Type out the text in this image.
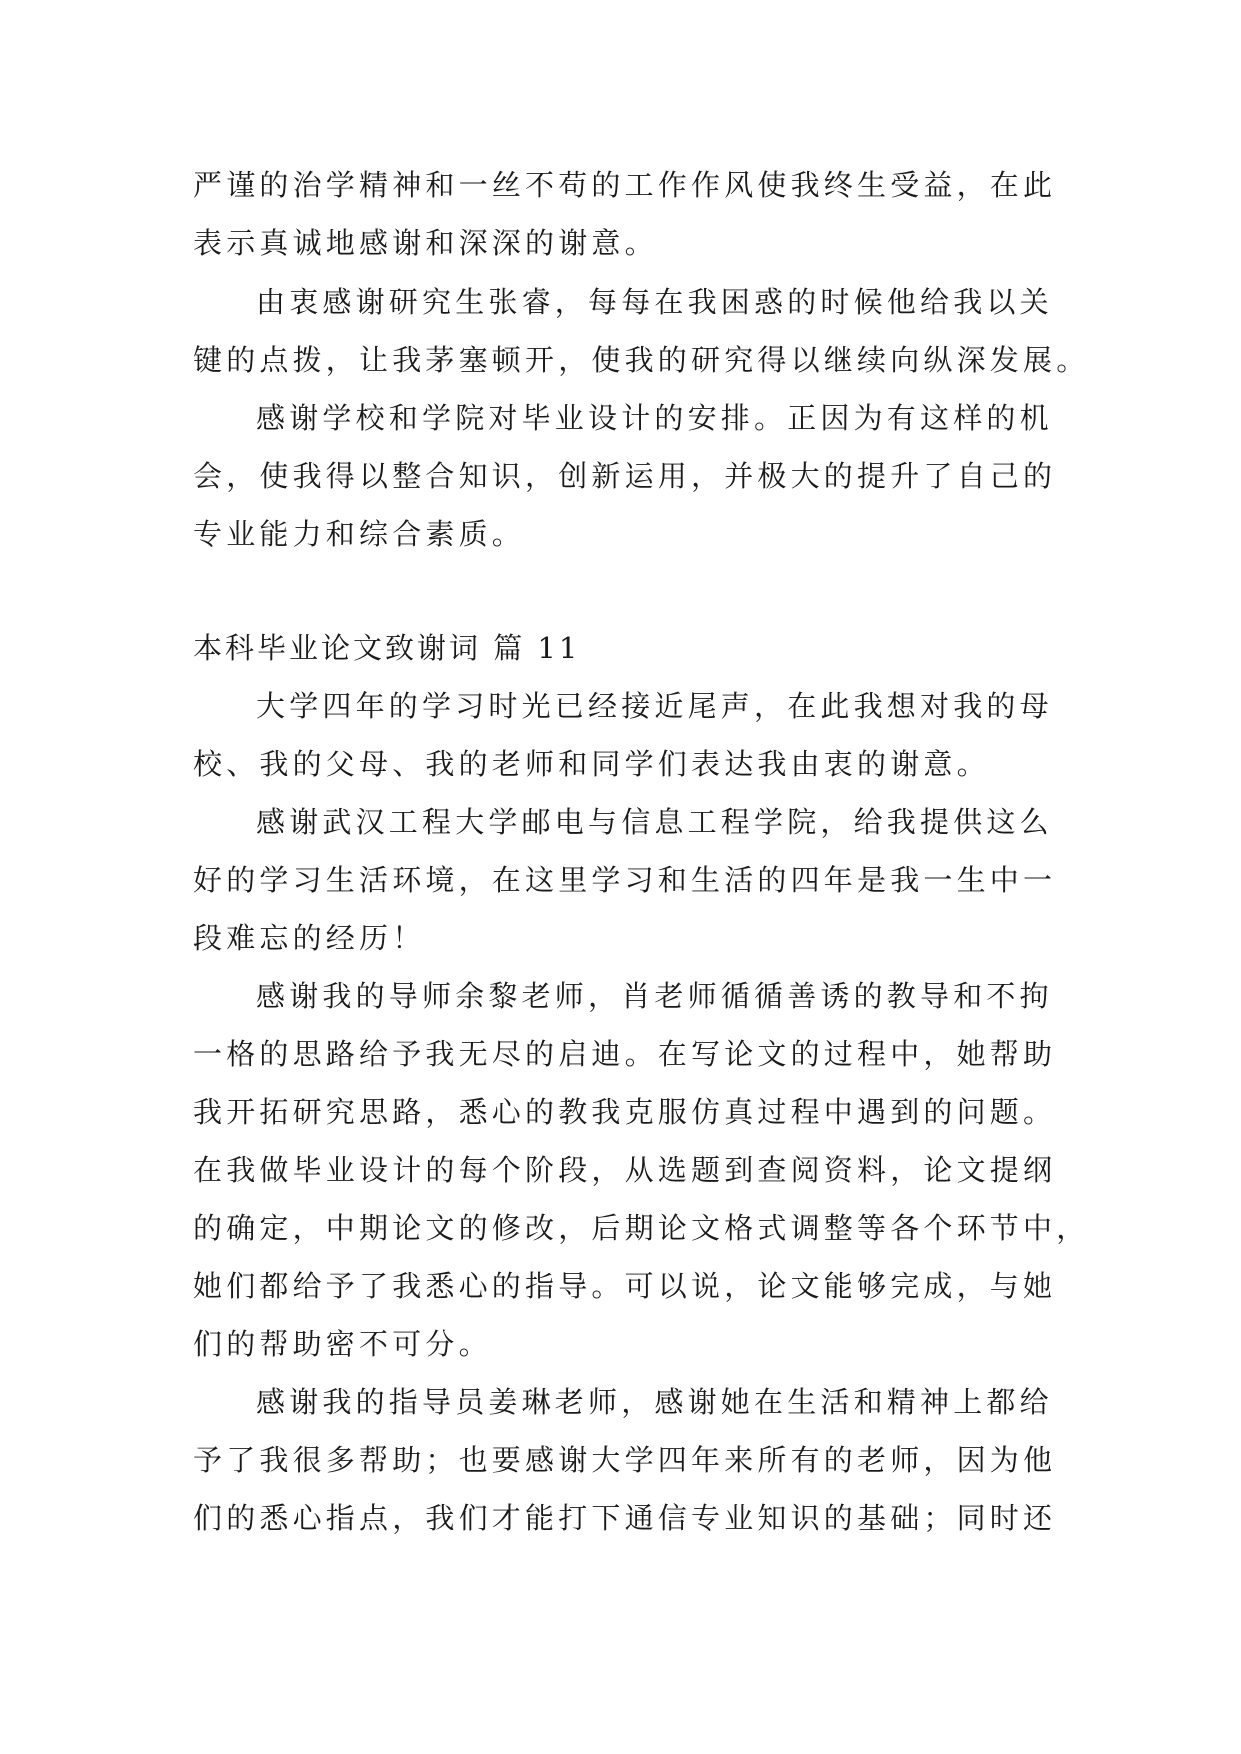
严谨的治学精神和一丝不苟的工作作风使我终生受益，在此
表示真诚地感谢和深深的谢意。
由衷感谢研究生张睿，每每在我困惑的时候他给我以关
键的点拨，让我茅塞顿开，使我的研究得以继续向纵深发展。
感谢学校和学院对毕业设计的安排。正因为有这样的机
会，使我得以整合知识，创新运用，并极大的提升了自己的
专业能力和综合素质。
本科毕业论文致谢词 篇 11
大学四年的学习时光已经接近尾声，在此我想对我的母
校、我的父母、我的老师和同学们表达我由衷的谢意。
感谢武汉工程大学邮电与信息工程学院，给我提供这么
好的学习生活环境，在这里学习和生活的四年是我一生中一
段难忘的经历！
感谢我的导师余黎老师，肖老师循循善诱的教导和不拘
一格的思路给予我无尽的启迪。在写论文的过程中，她帮助
我开拓研究思路，悉心的教我克服仿真过程中遇到的问题。
在我做毕业设计的每个阶段，从选题到查阅资料，论文提纲
的确定，中期论文的修改，后期论文格式调整等各个环节中，
她们都给予了我悉心的指导。可以说，论文能够完成，与她
们的帮助密不可分。
感谢我的指导员姜琳老师，感谢她在生活和精神上都给
予了我很多帮助；也要感谢大学四年来所有的老师，因为他
们的悉心指点，我们才能打下通信专业知识的基础；同时还
